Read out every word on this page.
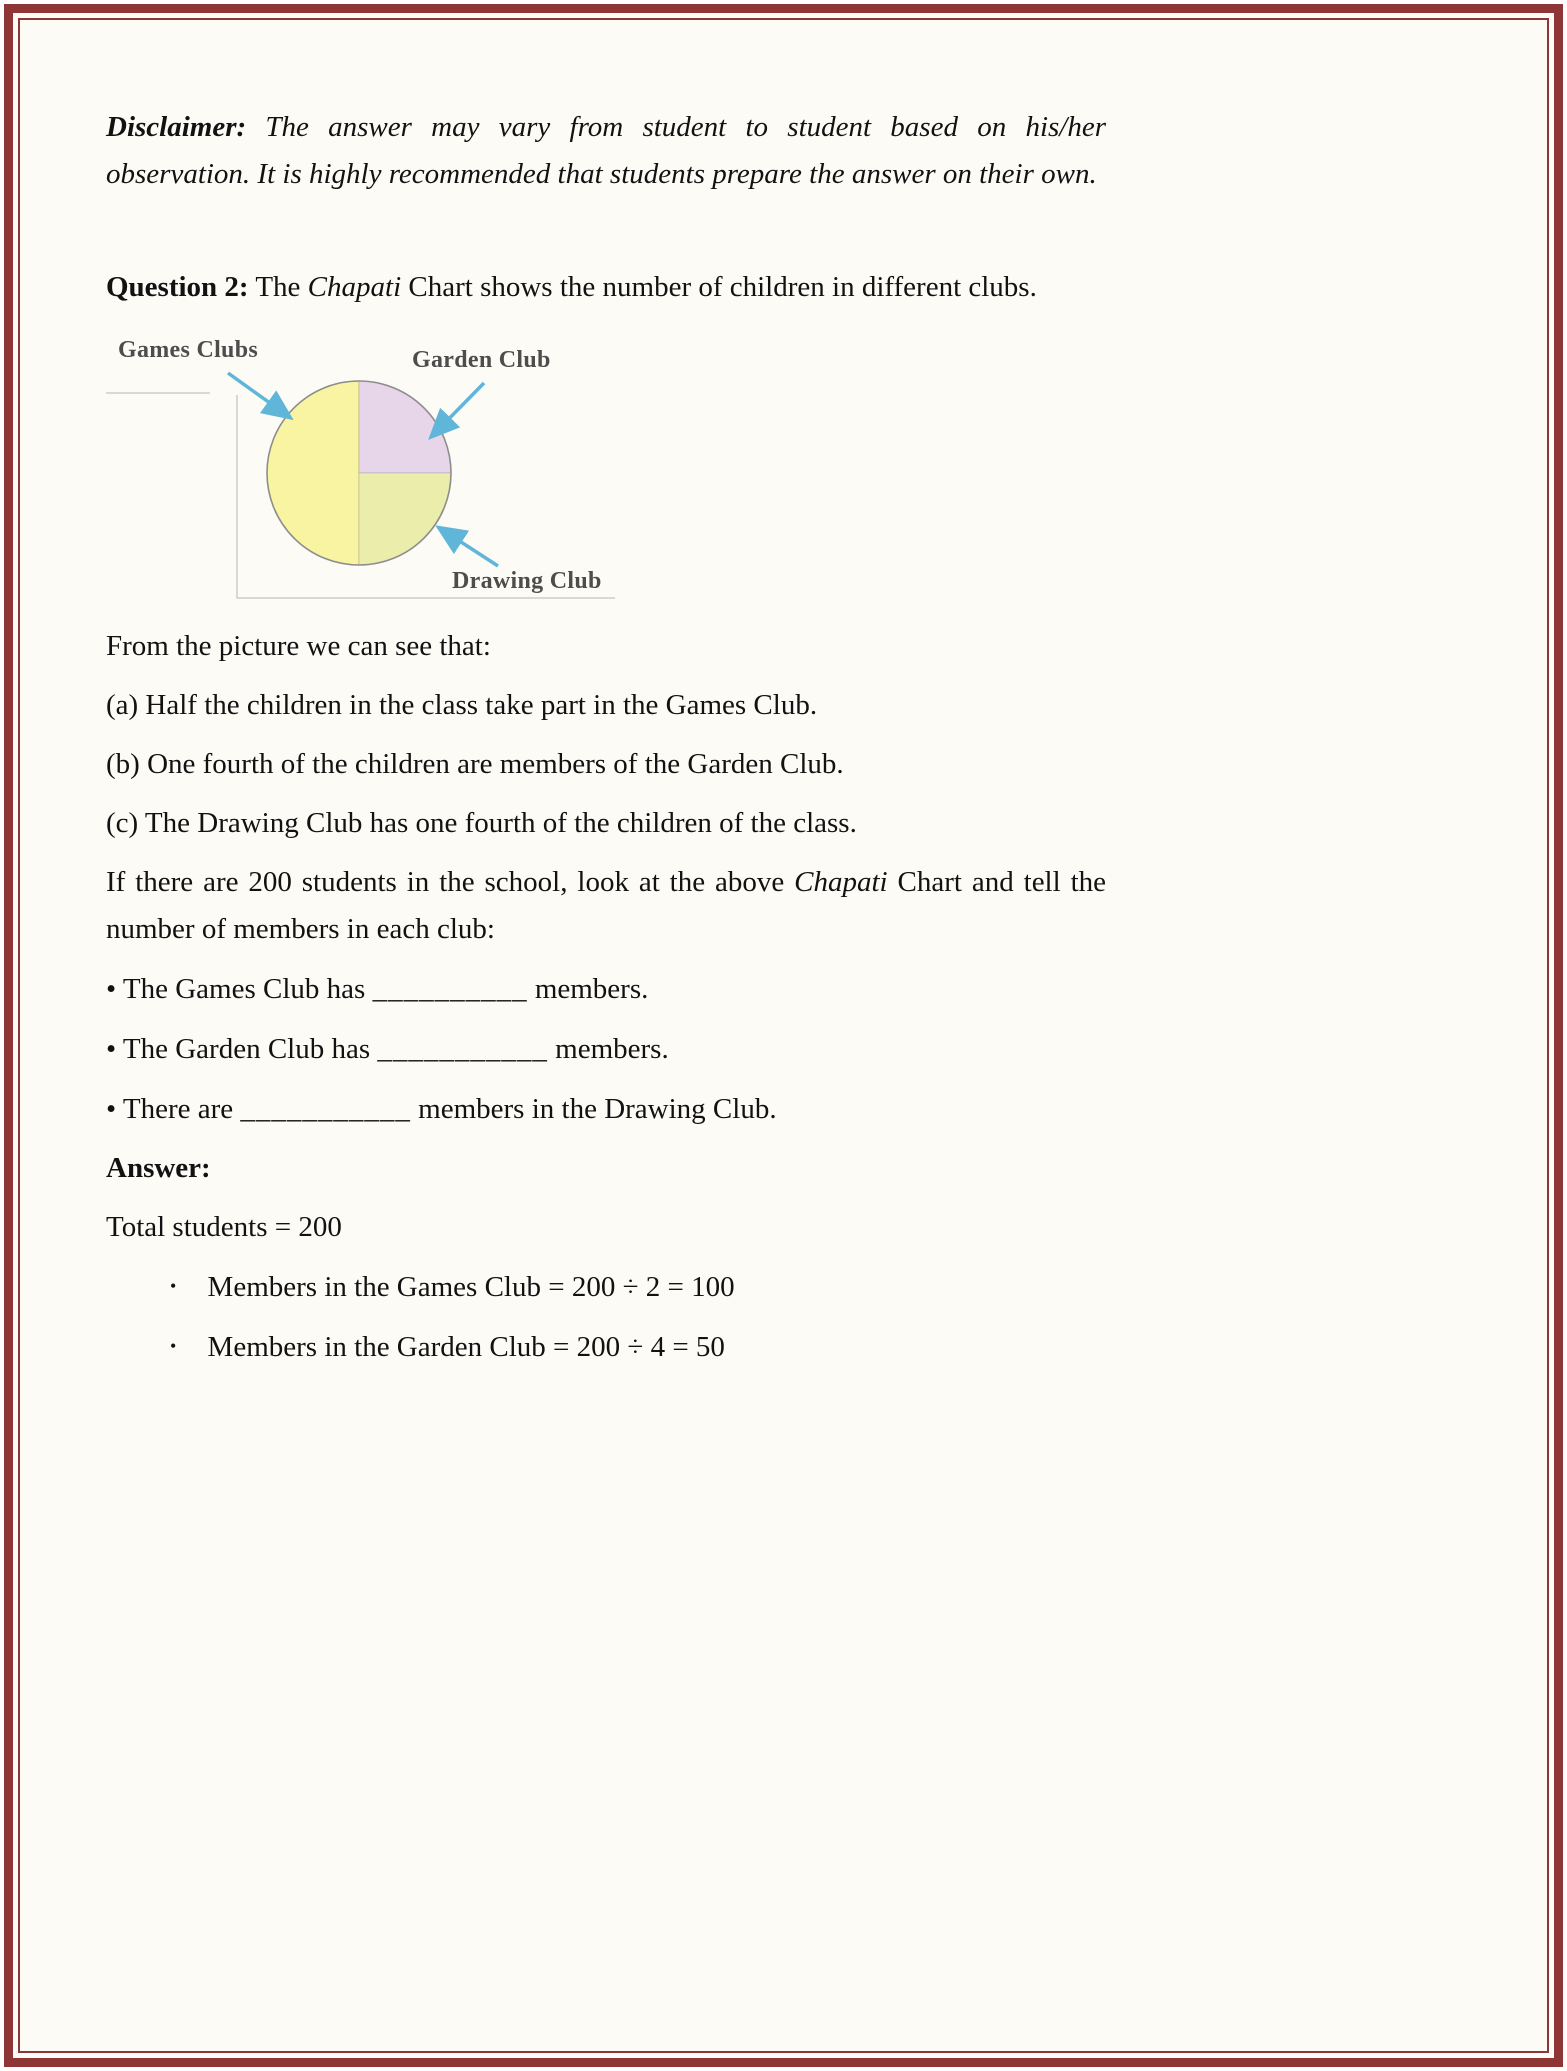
Disclaimer: The answer may vary from student to student based on his/her observation. It is highly recommended that students prepare the answer on their own.

Question 2: The Chapati Chart shows the number of children in different clubs.

Games Clubs	Garden Club
Drawing Club

From the picture we can see that:

(a) Half the children in the class take part in the Games Club.

(b) One fourth of the children are members of the Garden Club.

(c) The Drawing Club has one fourth of the children of the class.

If there are 200 students in the school, look at the above Chapati Chart and tell the number of members in each club:

• The Games Club has __________ members.

• The Garden Club has ___________ members.

• There are ___________ members in the Drawing Club.

Answer:

Total students = 200

• Members in the Games Club = 200 ÷ 2 = 100

• Members in the Garden Club = 200 ÷ 4 = 50
